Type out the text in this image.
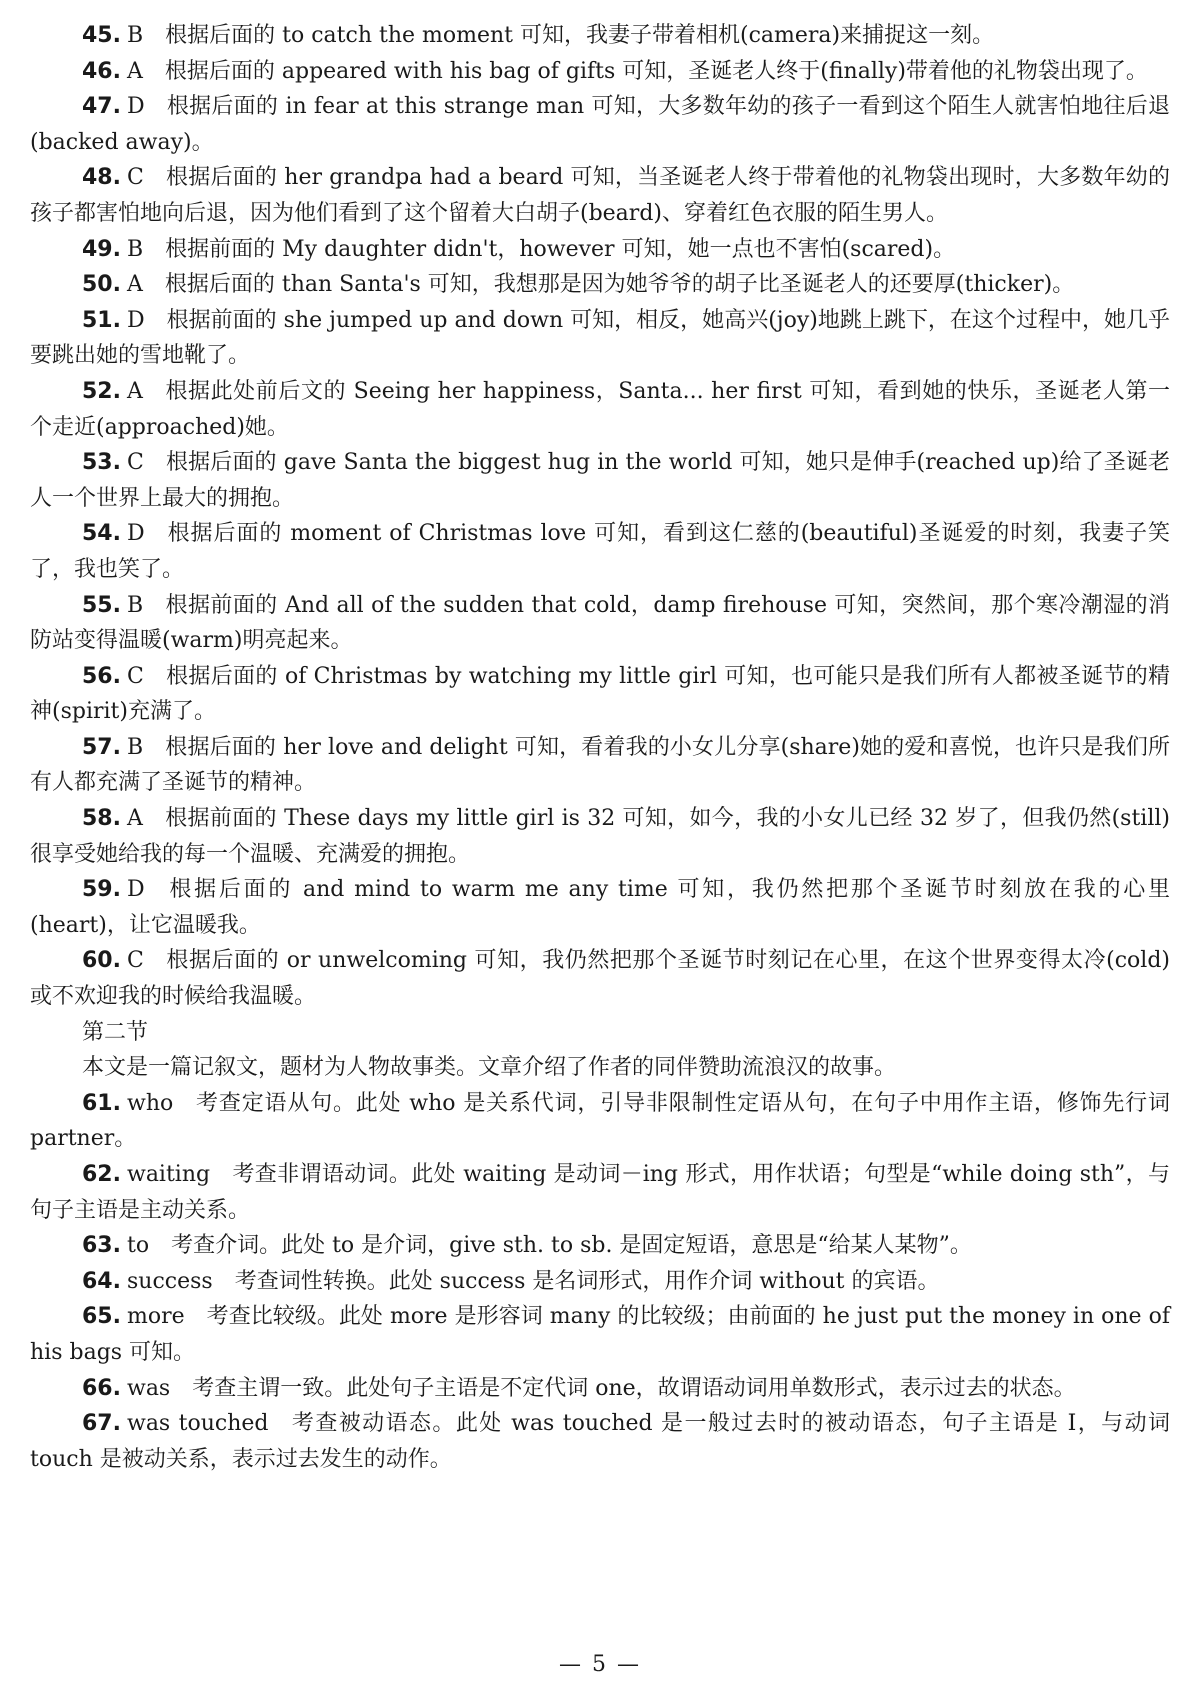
45. B 根据后面的 to catch the moment 可知，我妻子带着相机(camera)来捕捉这一刻。

46. A 根据后面的 appeared with his bag of gifts 可知，圣诞老人终于(finally)带着他的礼物袋出现了。

47. D 根据后面的 in fear at this strange man 可知，大多数年幼的孩子一看到这个陌生人就害怕地往后退(backed away)。

48. C 根据后面的 her grandpa had a beard 可知，当圣诞老人终于带着他的礼物袋出现时，大多数年幼的孩子都害怕地向后退，因为他们看到了这个留着大白胡子(beard)、穿着红色衣服的陌生男人。

49. B 根据前面的 My daughter didn't，however 可知，她一点也不害怕(scared)。

50. A 根据后面的 than Santa's 可知，我想那是因为她爷爷的胡子比圣诞老人的还要厚(thicker)。

51. D 根据前面的 she jumped up and down 可知，相反，她高兴(joy)地跳上跳下，在这个过程中，她几乎要跳出她的雪地靴了。

52. A 根据此处前后文的 Seeing her happiness，Santa... her first 可知，看到她的快乐，圣诞老人第一个走近(approached)她。

53. C 根据后面的 gave Santa the biggest hug in the world 可知，她只是伸手(reached up)给了圣诞老人一个世界上最大的拥抱。

54. D 根据后面的 moment of Christmas love 可知，看到这仁慈的(beautiful)圣诞爱的时刻，我妻子笑了，我也笑了。

55. B 根据前面的 And all of the sudden that cold，damp firehouse 可知，突然间，那个寒冷潮湿的消防站变得温暖(warm)明亮起来。

56. C 根据后面的 of Christmas by watching my little girl 可知，也可能只是我们所有人都被圣诞节的精神(spirit)充满了。

57. B 根据后面的 her love and delight 可知，看着我的小女儿分享(share)她的爱和喜悦，也许只是我们所有人都充满了圣诞节的精神。

58. A 根据前面的 These days my little girl is 32 可知，如今，我的小女儿已经 32 岁了，但我仍然(still)很享受她给我的每一个温暖、充满爱的拥抱。

59. D 根据后面的 and mind to warm me any time 可知，我仍然把那个圣诞节时刻放在我的心里(heart)，让它温暖我。

60. C 根据后面的 or unwelcoming 可知，我仍然把那个圣诞节时刻记在心里，在这个世界变得太冷(cold)或不欢迎我的时候给我温暖。

第二节

本文是一篇记叙文，题材为人物故事类。文章介绍了作者的同伴赞助流浪汉的故事。

61. who 考查定语从句。此处 who 是关系代词，引导非限制性定语从句，在句子中用作主语，修饰先行词 partner。

62. waiting 考查非谓语动词。此处 waiting 是动词－ing 形式，用作状语；句型是“while doing sth”，与句子主语是主动关系。

63. to 考查介词。此处 to 是介词，give sth. to sb. 是固定短语，意思是“给某人某物”。

64. success 考查词性转换。此处 success 是名词形式，用作介词 without 的宾语。

65. more 考查比较级。此处 more 是形容词 many 的比较级；由前面的 he just put the money in one of his bags 可知。

66. was 考查主谓一致。此处句子主语是不定代词 one，故谓语动词用单数形式，表示过去的状态。

67. was touched 考查被动语态。此处 was touched 是一般过去时的被动语态，句子主语是 I，与动词 touch 是被动关系，表示过去发生的动作。

— 5 —
